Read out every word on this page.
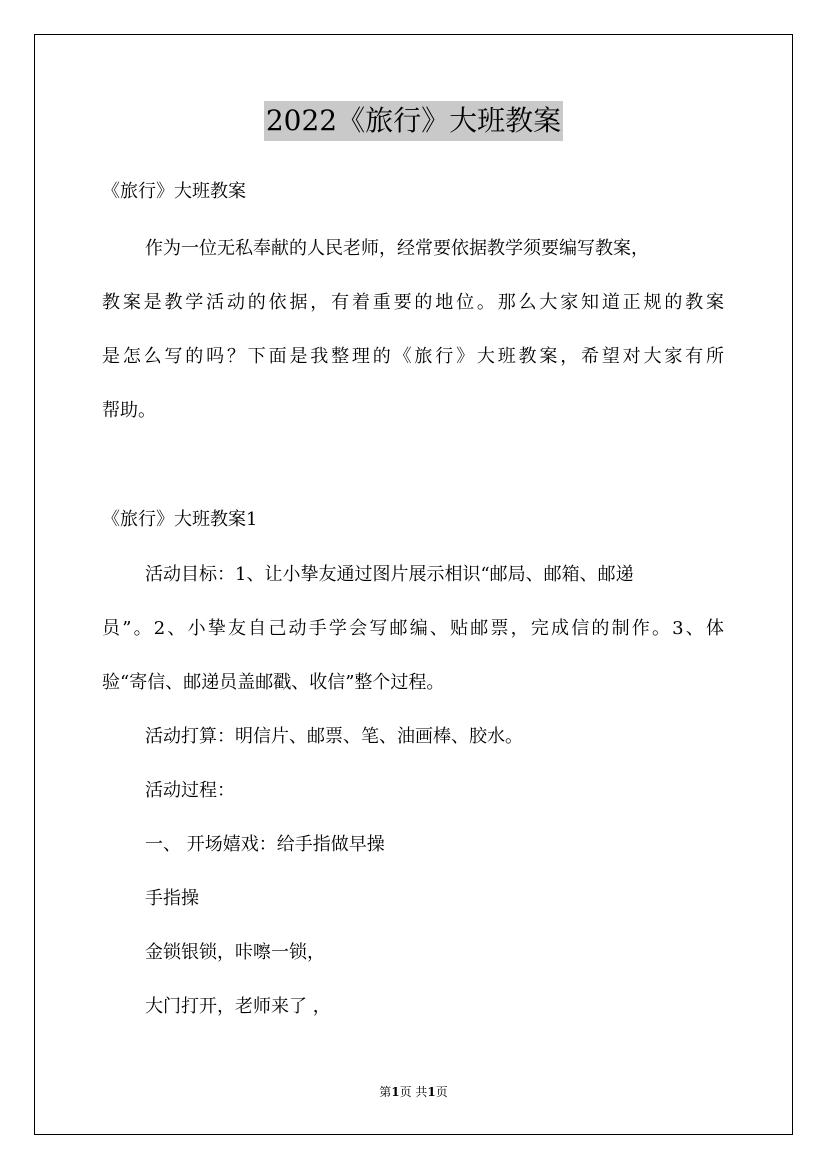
2022《旅行》大班教案
《旅行》大班教案
作为一位无私奉献的人民老师，经常要依据教学须要编写教案，
教案是教学活动的依据，有着重要的地位。那么大家知道正规的教案
是怎么写的吗？下面是我整理的《旅行》大班教案，希望对大家有所
帮助。
《旅行》大班教案1
活动目标：1、让小挚友通过图片展示相识“邮局、邮箱、邮递
员”。2、小挚友自己动手学会写邮编、贴邮票，完成信的制作。3、体
验“寄信、邮递员盖邮戳、收信”整个过程。
活动打算：明信片、邮票、笔、油画棒、胶水。
活动过程：
一、 开场嬉戏：给手指做早操
手指操
金锁银锁，咔嚓一锁，
大门打开，老师来了 ，
第1页 共1页
